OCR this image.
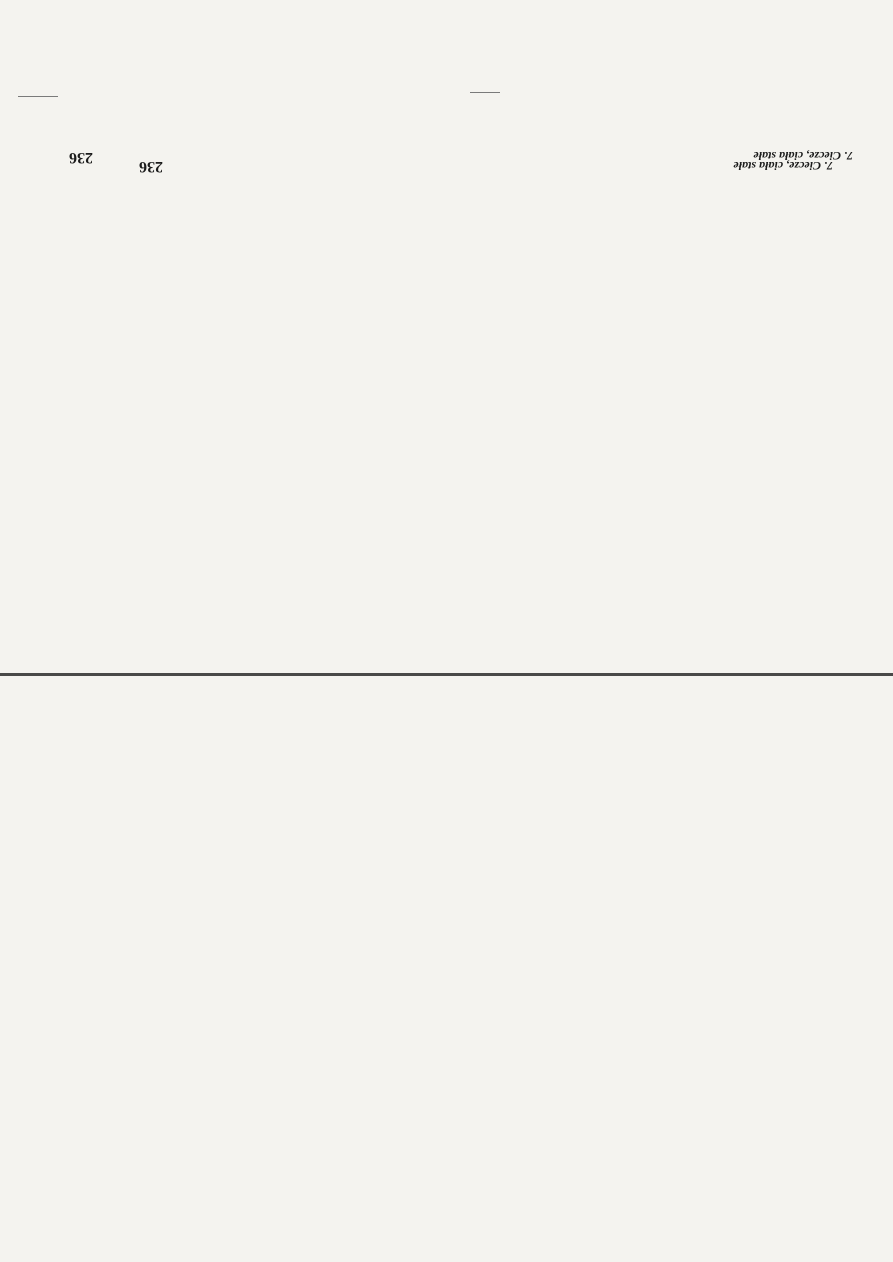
7. Ciecze, ciała stałe
236
7. Ciecze, ciała stałe
236
